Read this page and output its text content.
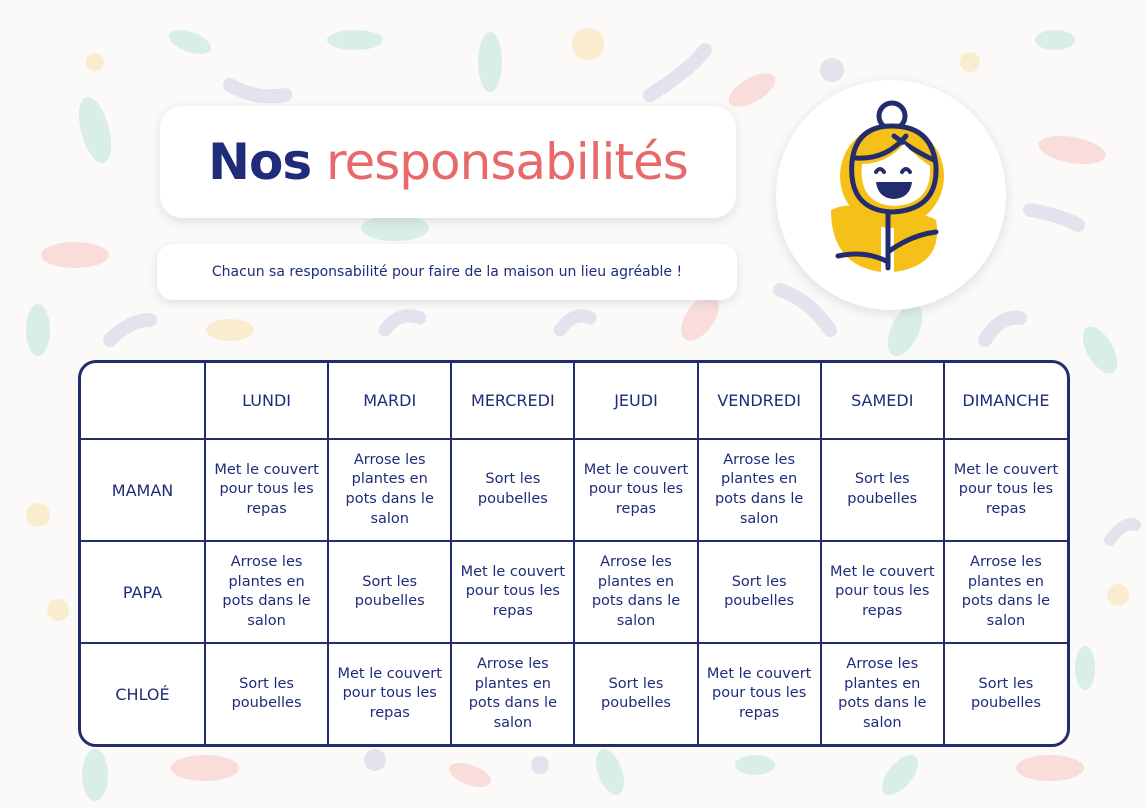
Nos responsabilités
Chacun sa responsabilité pour faire de la maison un lieu agréable !
	LUNDI	MARDI	MERCREDI	JEUDI	VENDREDI	SAMEDI	DIMANCHE
MAMAN	Met le couvert pour tous les repas	Arrose les plantes en pots dans le salon	Sort les poubelles	Met le couvert pour tous les repas	Arrose les plantes en pots dans le salon	Sort les poubelles	Met le couvert pour tous les repas
PAPA	Arrose les plantes en pots dans le salon	Sort les poubelles	Met le couvert pour tous les repas	Arrose les plantes en pots dans le salon	Sort les poubelles	Met le couvert pour tous les repas	Arrose les plantes en pots dans le salon
CHLOÉ	Sort les poubelles	Met le couvert pour tous les repas	Arrose les plantes en pots dans le salon	Sort les poubelles	Met le couvert pour tous les repas	Arrose les plantes en pots dans le salon	Sort les poubelles
